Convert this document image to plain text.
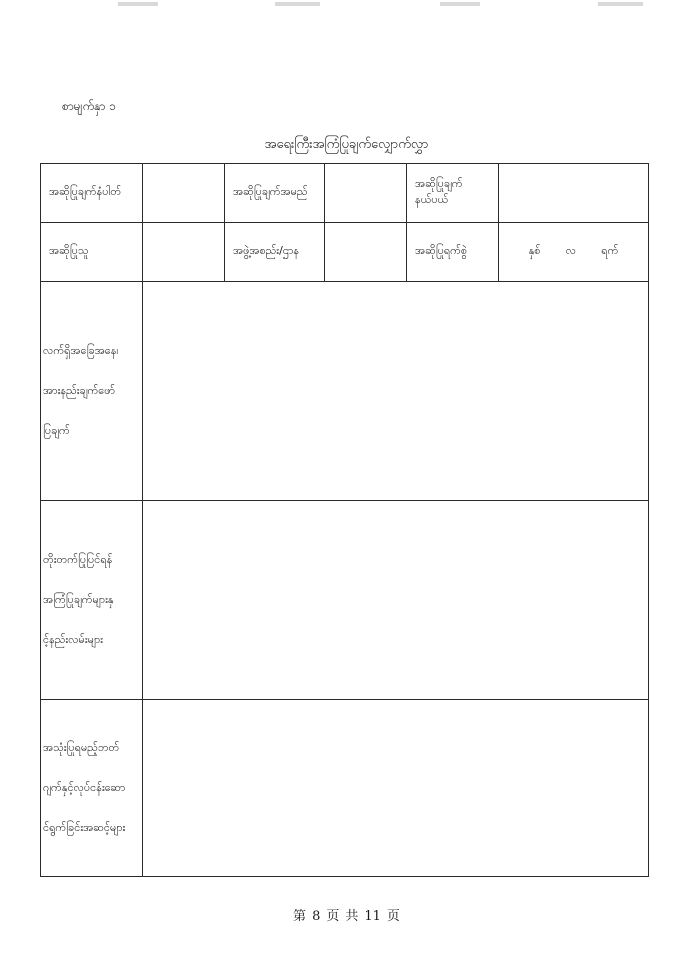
စာမျက်နှာ ၁
အရေးကြီးအကြံပြုချက်လျှောက်လွှာ
အဆိုပြုချက်နံပါတ်		အဆိုပြုချက်အမည်		အဆိုပြုချက်နယ်ပယ်	
အဆိုပြုသူ		အဖွဲ့အစည်း/ဌာန		အဆိုပြုရက်စွဲ	နှစ် လ ရက်

လက်ရှိအခြေအနေ၊
အားနည်းချက်ဖော်
ပြချက်					

တိုးတက်ပြုပြင်ရန်
အကြံပြုချက်များနှ
င့်နည်းလမ်းများ					

အသုံးပြုရမည့်ဘတ်
ဂျက်နှင့်လုပ်ငန်းဆော
င်ရွက်ခြင်းအဆင့်များ					

第 8 页 共 11 页
